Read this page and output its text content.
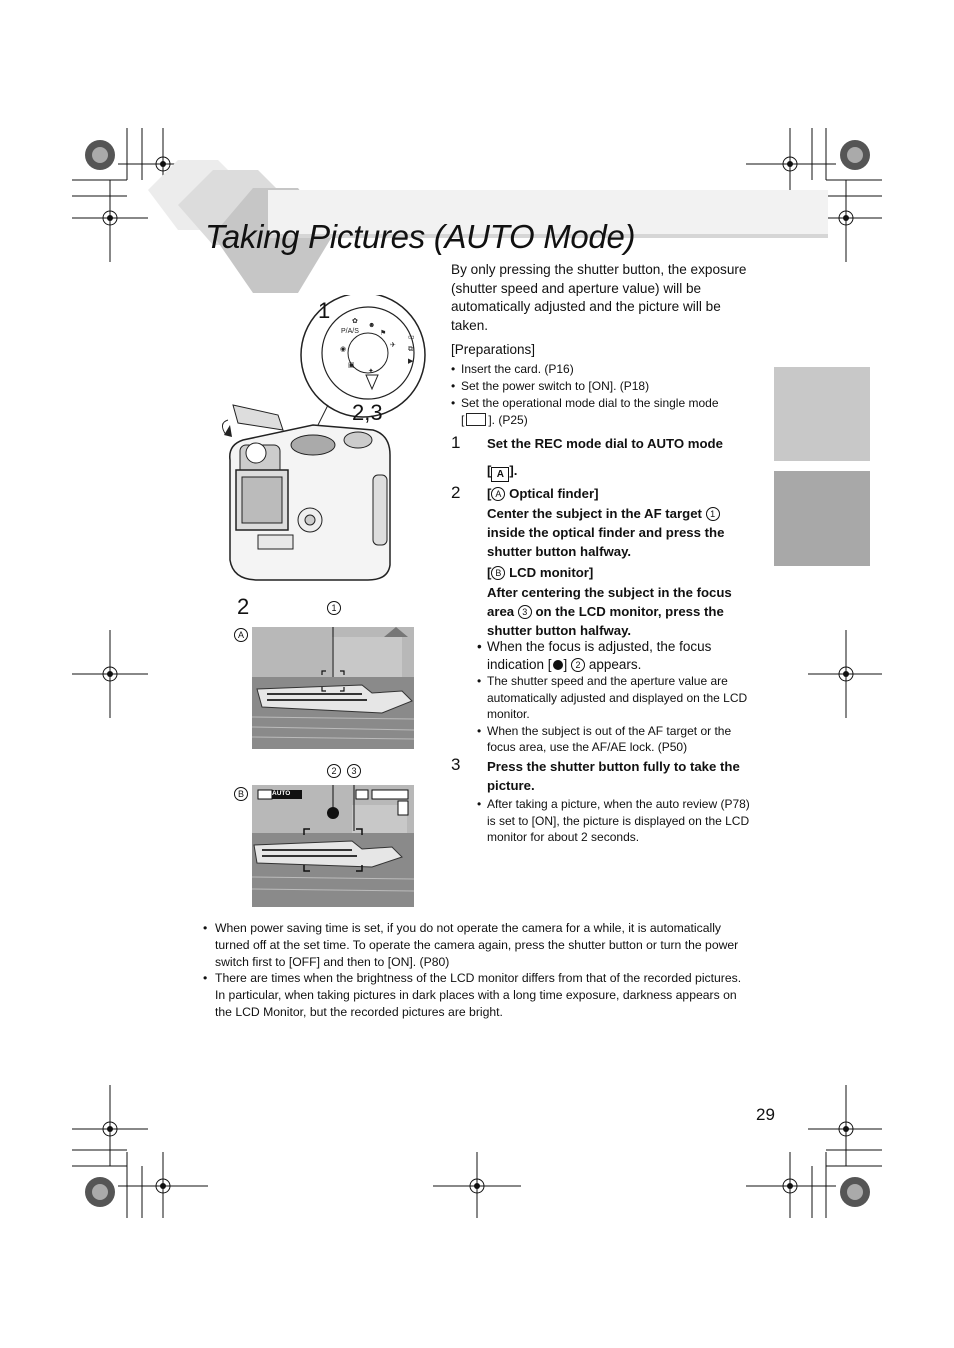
Taking Pictures (AUTO Mode)
P/A/S
✿
☻
⚑
✈
◉
▣
✦
▭
⧉
▶
1
2,3
2
A
1
B
2	3
AUTO
By only pressing the shutter button, the exposure (shutter speed and aperture value) will be automatically adjusted and the picture will be taken.
[Preparations]
• Insert the card. (P16)
• Set the power switch to [ON]. (P18)
• Set the operational mode dial to the single mode
[ ]. (P25)
1 Set the REC mode dial to AUTO mode
[ A ].
2 [ A Optical finder]
Center the subject in the AF target 1 inside the optical finder and press the shutter button halfway.
[ B LCD monitor]
After centering the subject in the focus area 3 on the LCD monitor, press the shutter button halfway.
• When the focus is adjusted, the focus indication [ ] 2 appears.
• The shutter speed and the aperture value are automatically adjusted and displayed on the LCD monitor.
• When the subject is out of the AF target or the focus area, use the AF/AE lock. (P50)
3 Press the shutter button fully to take the picture.
• After taking a picture, when the auto review (P78) is set to [ON], the picture is displayed on the LCD monitor for about 2 seconds.
• When power saving time is set, if you do not operate the camera for a while, it is automatically turned off at the set time. To operate the camera again, press the shutter button or turn the power switch first to [OFF] and then to [ON]. (P80)
• There are times when the brightness of the LCD monitor differs from that of the recorded pictures. In particular, when taking pictures in dark places with a long time exposure, darkness appears on the LCD Monitor, but the recorded pictures are bright.
29
